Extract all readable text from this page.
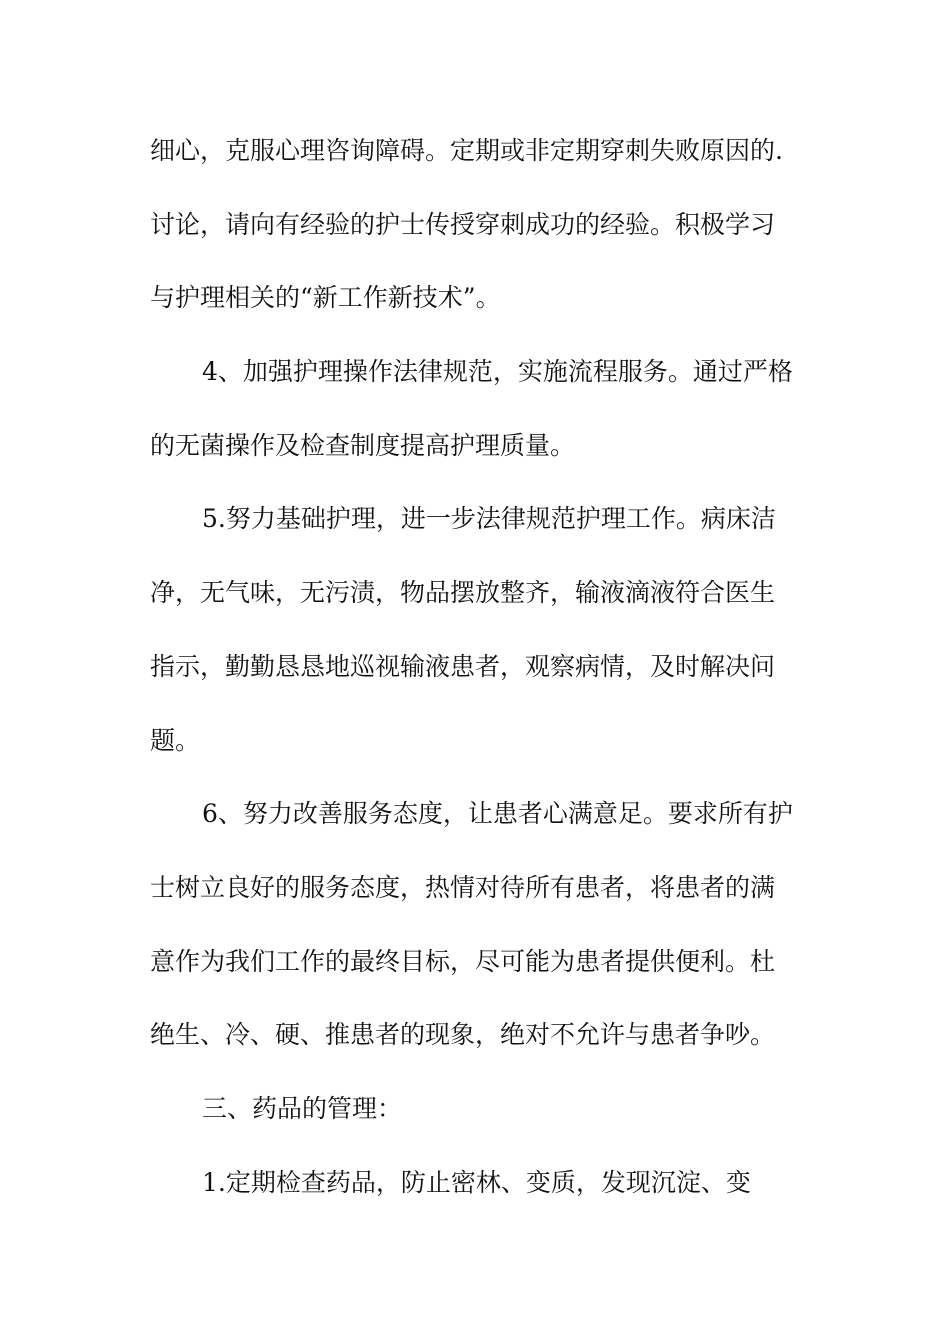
细心，克服心理咨询障碍。定期或非定期穿刺失败原因的.
讨论，请向有经验的护士传授穿刺成功的经验。积极学习
与护理相关的“新工作新技术”。
4、加强护理操作法律规范，实施流程服务。通过严格
的无菌操作及检查制度提高护理质量。
5.努力基础护理，进一步法律规范护理工作。病床洁
净，无气味，无污渍，物品摆放整齐，输液滴液符合医生
指示，勤勤恳恳地巡视输液患者，观察病情，及时解决问
题。
6、努力改善服务态度，让患者心满意足。要求所有护
士树立良好的服务态度，热情对待所有患者，将患者的满
意作为我们工作的最终目标，尽可能为患者提供便利。杜
绝生、冷、硬、推患者的现象，绝对不允许与患者争吵。
三、药品的管理：
1.定期检查药品，防止密林、变质，发现沉淀、变
